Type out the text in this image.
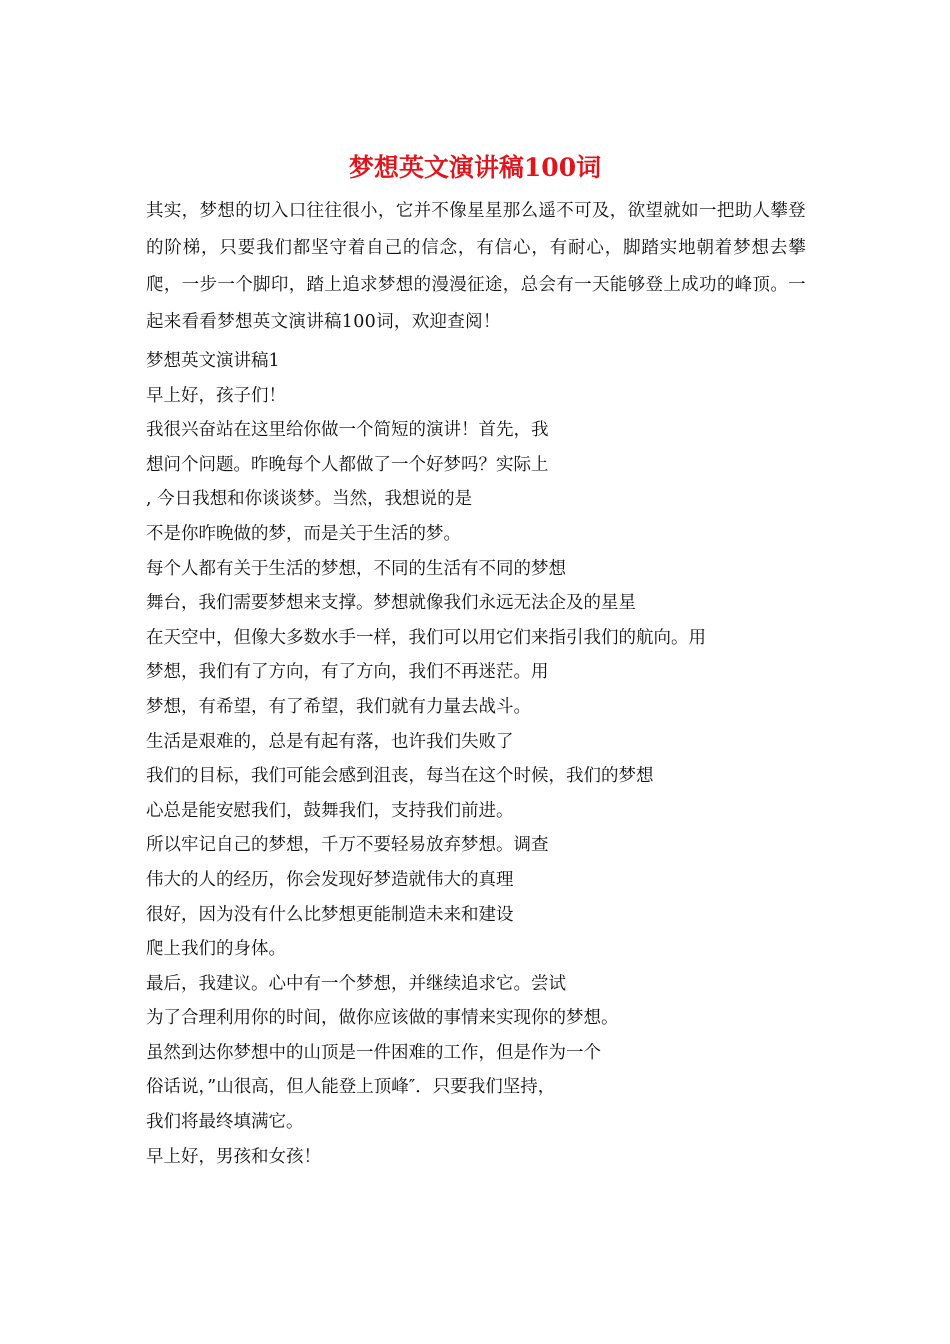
梦想英文演讲稿100词

其实，梦想的切入口往往很小，它并不像星星那么遥不可及，欲望就如一把助人攀登的阶梯，只要我们都坚守着自己的信念，有信心，有耐心，脚踏实地朝着梦想去攀爬，一步一个脚印，踏上追求梦想的漫漫征途，总会有一天能够登上成功的峰顶。一起来看看梦想英文演讲稿100词，欢迎查阅！

梦想英文演讲稿1
早上好，孩子们！
我很兴奋站在这里给你做一个简短的演讲！首先，我
想问个问题。昨晚每个人都做了一个好梦吗？实际上
, 今日我想和你谈谈梦。当然，我想说的是
不是你昨晚做的梦，而是关于生活的梦。
每个人都有关于生活的梦想，不同的生活有不同的梦想
舞台，我们需要梦想来支撑。梦想就像我们永远无法企及的星星
在天空中，但像大多数水手一样，我们可以用它们来指引我们的航向。用
梦想，我们有了方向，有了方向，我们不再迷茫。用
梦想，有希望，有了希望，我们就有力量去战斗。
生活是艰难的，总是有起有落，也许我们失败了
我们的目标，我们可能会感到沮丧，每当在这个时候，我们的梦想
心总是能安慰我们，鼓舞我们，支持我们前进。
所以牢记自己的梦想，千万不要轻易放弃梦想。调查
伟大的人的经历，你会发现好梦造就伟大的真理
很好，因为没有什么比梦想更能制造未来和建设
爬上我们的身体。
最后，我建议。心中有一个梦想，并继续追求它。尝试
为了合理利用你的时间，做你应该做的事情来实现你的梦想。
虽然到达你梦想中的山顶是一件困难的工作，但是作为一个
俗话说，”山很高，但人能登上顶峰″．只要我们坚持，
我们将最终填满它。
早上好，男孩和女孩！
